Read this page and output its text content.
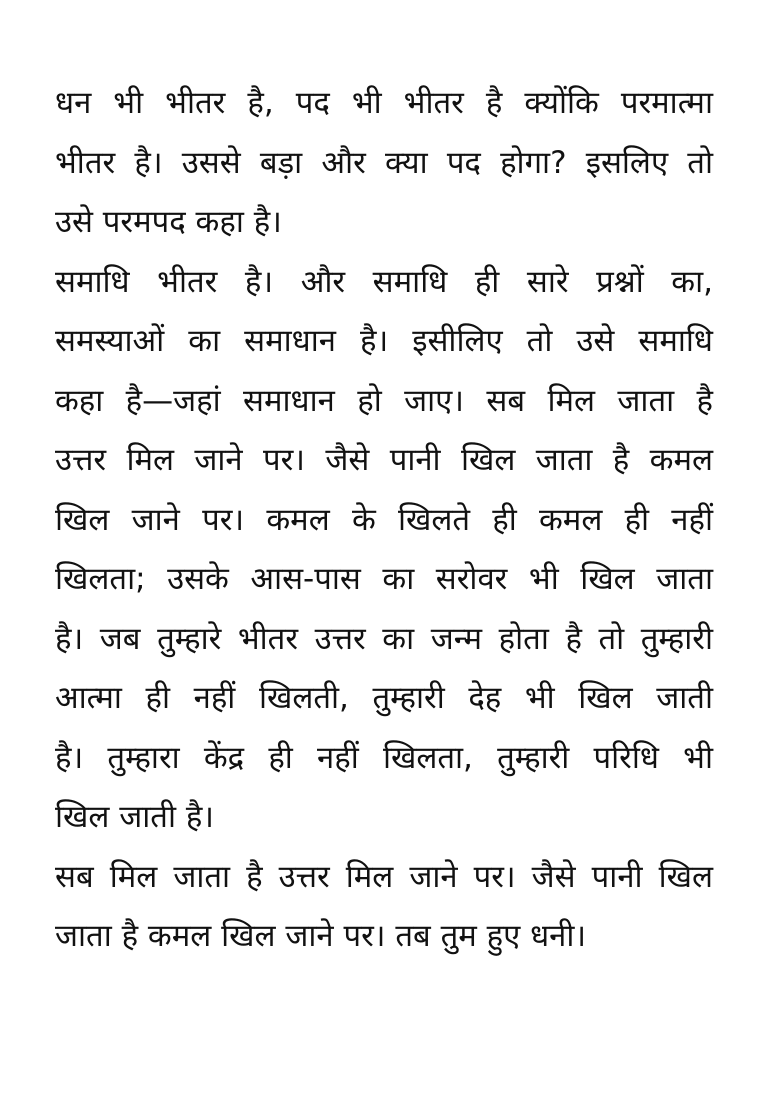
धन भी भीतर है, पद भी भीतर है क्योंकि परमात्मा
भीतर है। उससे बड़ा और क्या पद होगा? इसलिए तो
उसे परमपद कहा है।
समाधि भीतर है। और समाधि ही सारे प्रश्नों का,
समस्याओं का समाधान है। इसीलिए तो उसे समाधि
कहा है—जहां समाधान हो जाए। सब मिल जाता है
उत्तर मिल जाने पर। जैसे पानी खिल जाता है कमल
खिल जाने पर। कमल के खिलते ही कमल ही नहीं
खिलता; उसके आस-पास का सरोवर भी खिल जाता
है। जब तुम्हारे भीतर उत्तर का जन्म होता है तो तुम्हारी
आत्मा ही नहीं खिलती, तुम्हारी देह भी खिल जाती
है। तुम्हारा केंद्र ही नहीं खिलता, तुम्हारी परिधि भी
खिल जाती है।
सब मिल जाता है उत्तर मिल जाने पर। जैसे पानी खिल
जाता है कमल खिल जाने पर। तब तुम हुए धनी।
